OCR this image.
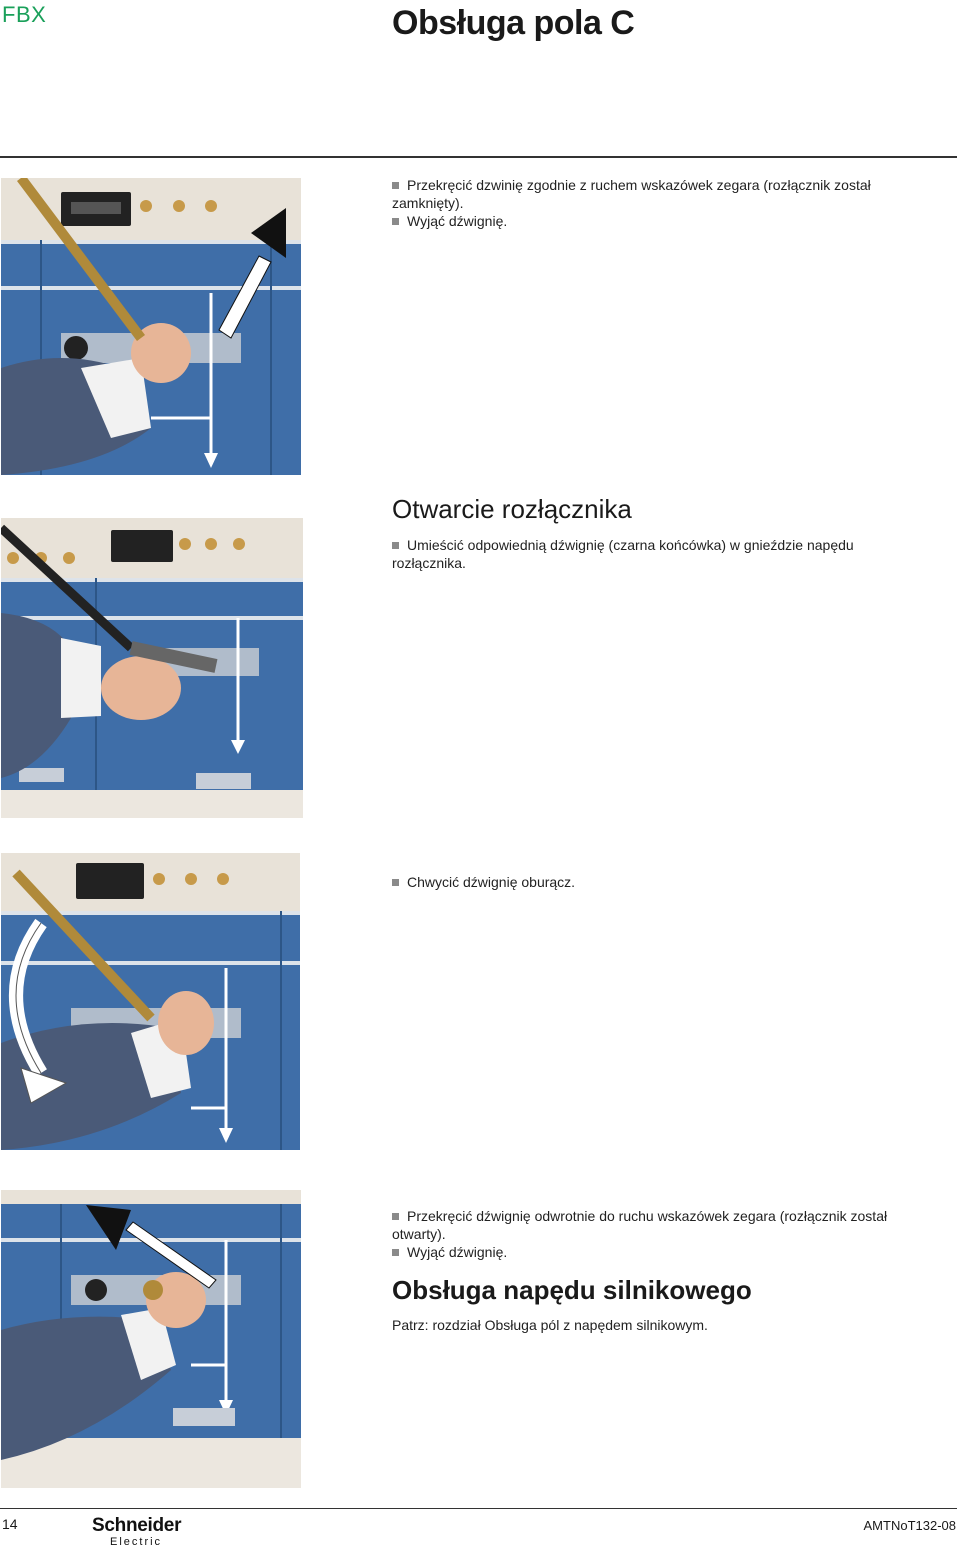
FBX	Obsługa pola C
Przekręcić dzwinię zgodnie z ruchem wskazówek zegara (rozłącznik został zamknięty).
Wyjąć dźwignię.
Otwarcie rozłącznika
Umieścić odpowiednią dźwignię (czarna końcówka) w gnieździe napędu rozłącznika.
Chwycić dźwignię oburącz.
Przekręcić dźwignię odwrotnie do ruchu wskazówek zegara (rozłącznik został otwarty).
Wyjąć dźwignię.
Obsługa napędu silnikowego
Patrz: rozdział Obsługa pól z napędem silnikowym.
14	Schneider
Electric
AMTNoT132-08
